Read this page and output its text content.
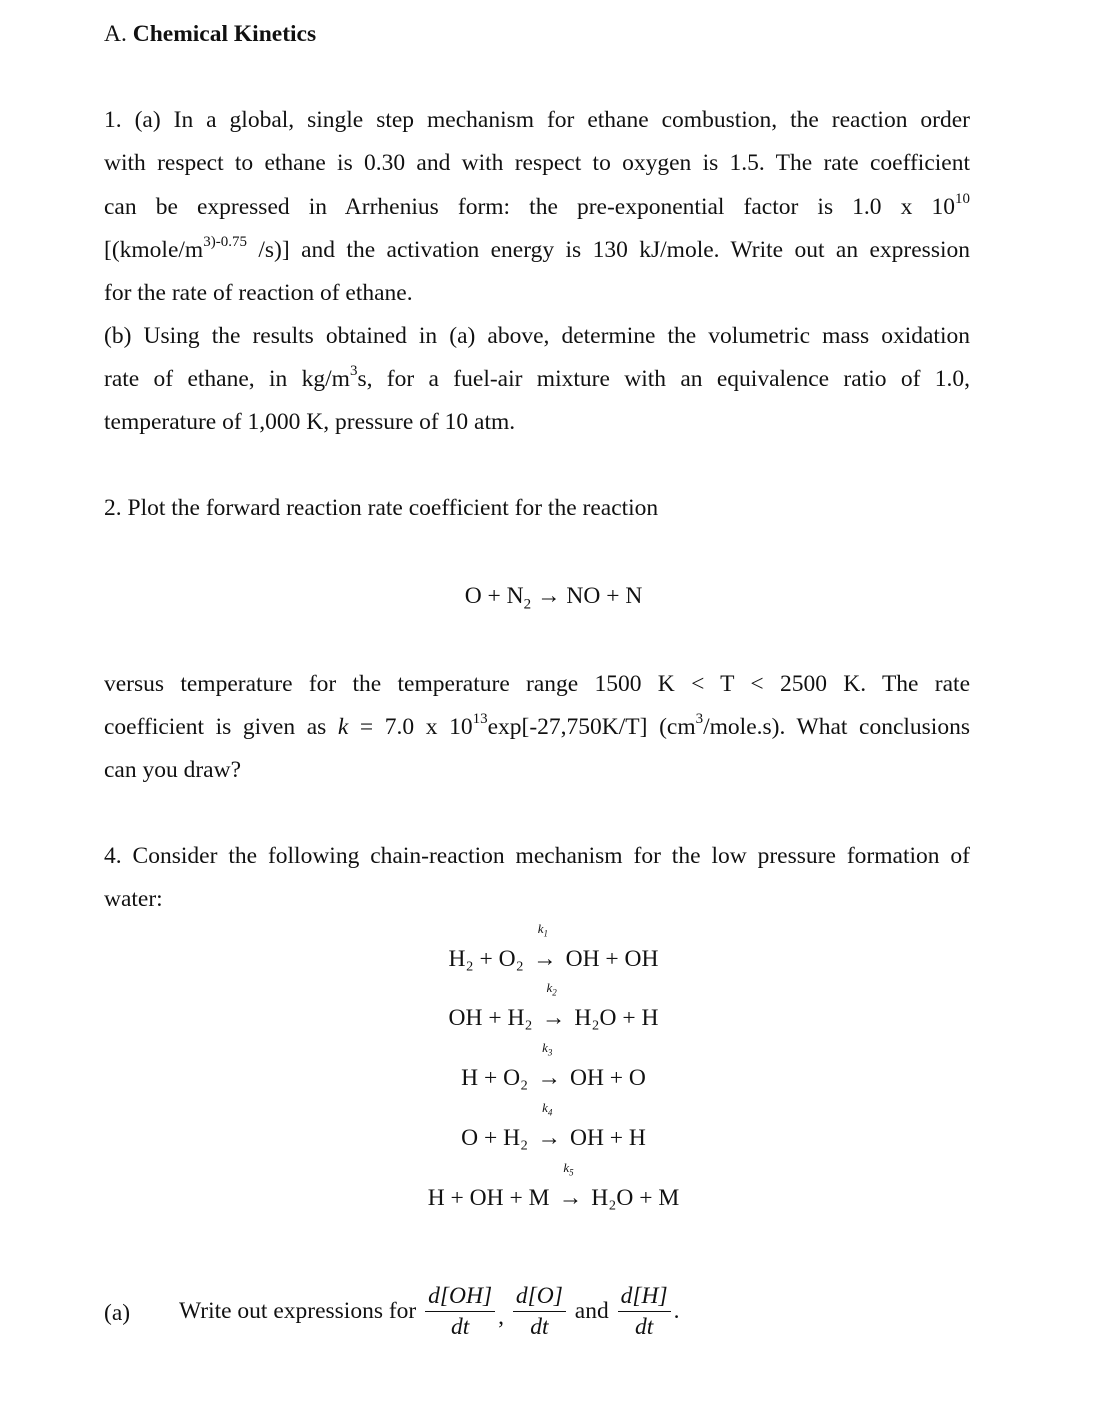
A. Chemical Kinetics
1. (a) In a global, single step mechanism for ethane combustion, the reaction order
with respect to ethane is 0.30 and with respect to oxygen is 1.5. The rate coefficient
can be expressed in Arrhenius form: the pre-exponential factor is 1.0 x $10^{10}$
[($kmole/m^{3)-0.75}$ /s)] and the activation energy is 130 kJ/mole. Write out an expression
for the rate of reaction of ethane.
(b) Using the results obtained in (a) above, determine the volumetric mass oxidation
rate of ethane, in $kg/m^3s$, for a fuel-air mixture with an equivalence ratio of 1.0,
temperature of 1,000 K, pressure of 10 atm.
2. Plot the forward reaction rate coefficient for the reaction
$O + N_2$ → NO + N
versus temperature for the temperature range 1500 K < T < 2500 K. The rate
coefficient is given as k = 7.0 x $10^{13}\exp[-27,750K/T]$ $(cm^3/mole.s)$. What conclusions
can you draw?
4. Consider the following chain-reaction mechanism for the low pressure formation of
water:
H₂ + O₂
$k_1$
→ OH + OH
OH + H₂
$k_2$
→ H₂O + H
H + O₂
$k_3$
→ OH + O
O + H₂
$k_4$
→ OH + H
H + OH + M
$k_5$
→ H₂O + M
(a) Write out expressions for $\frac{d[OH]}{dt}$ , $\frac{d[O]}{dt}$ and $\frac{d[H]}{dt}$ .
